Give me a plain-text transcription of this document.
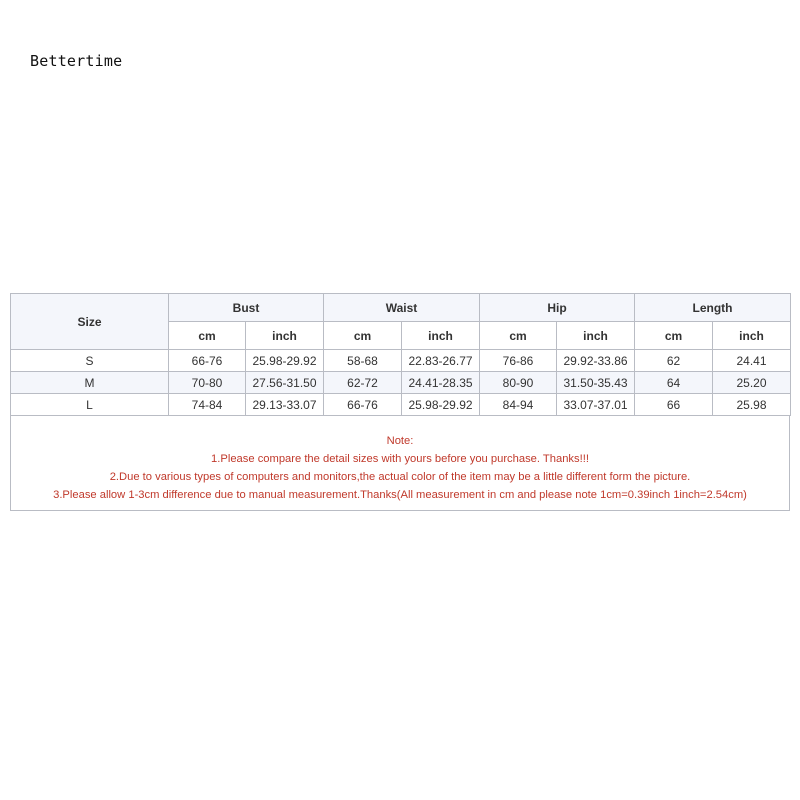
Bettertime
Size	Bust		Waist		Hip		Length	
	cm	inch	cm	inch	cm	inch	cm	inch
S	66-76	25.98-29.92	58-68	22.83-26.77	76-86	29.92-33.86	62	24.41
M	70-80	27.56-31.50	62-72	24.41-28.35	80-90	31.50-35.43	64	25.20
L	74-84	29.13-33.07	66-76	25.98-29.92	84-94	33.07-37.01	66	25.98
Note:
1.Please compare the detail sizes with yours before you purchase. Thanks!!!
2.Due to various types of computers and monitors,the actual color of the item may be a little different form the picture.
3.Please allow 1-3cm difference due to manual measurement.Thanks(All measurement in cm and please note 1cm=0.39inch 1inch=2.54cm)
